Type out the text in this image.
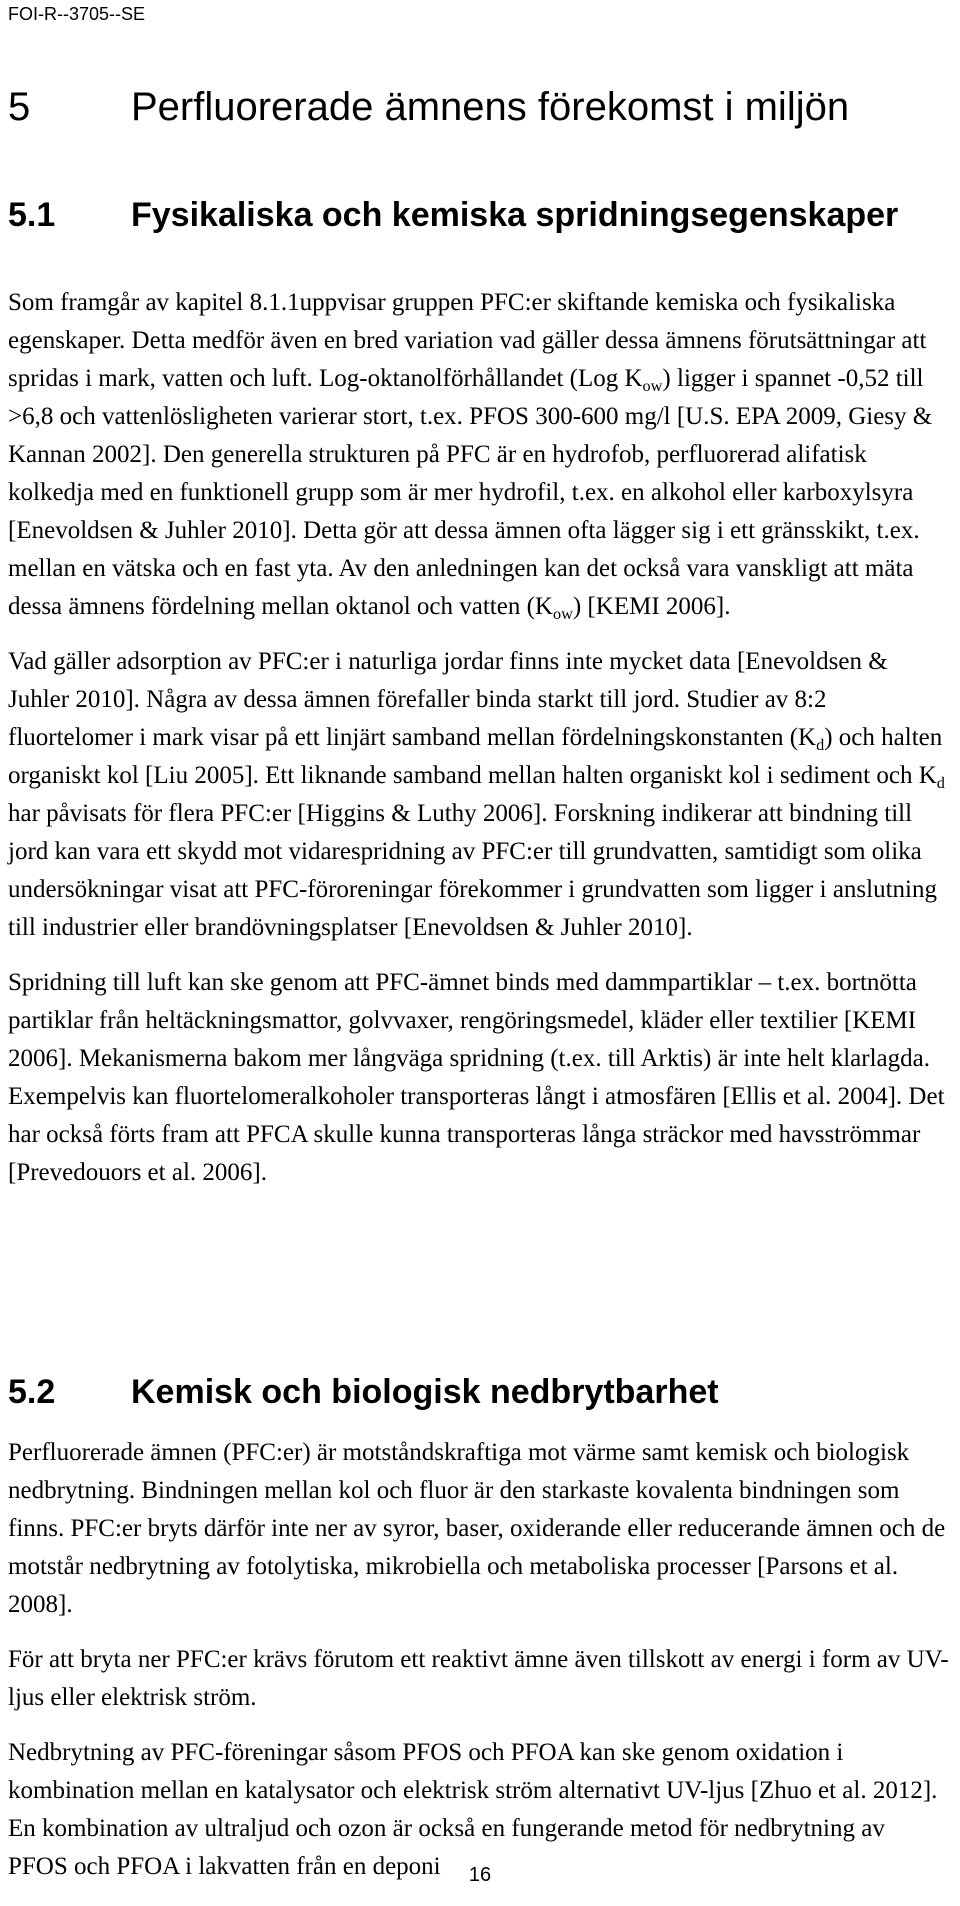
FOI-R--3705--SE
5	Perfluorerade ämnens förekomst i miljön
5.1 Fysikaliska och kemiska spridningsegenskaper

Som framgår av kapitel 8.1.1uppvisar gruppen PFC:er skiftande kemiska och fysikaliska egenskaper. Detta medför även en bred variation vad gäller dessa ämnens förutsättningar att spridas i mark, vatten och luft. Log-oktanolförhållandet (Log $K_{ow}$) ligger i spannet -0,52 till >6,8 och vattenlösligheten varierar stort, t.ex. PFOS 300-600 mg/l [U.S. EPA 2009, Giesy & Kannan 2002]. Den generella strukturen på PFC är en hydrofob, perfluorerad alifatisk kolkedja med en funktionell grupp som är mer hydrofil, t.ex. en alkohol eller karboxylsyra [Enevoldsen & Juhler 2010]. Detta gör att dessa ämnen ofta lägger sig i ett gränsskikt, t.ex. mellan en vätska och en fast yta. Av den anledningen kan det också vara vanskligt att mäta dessa ämnens fördelning mellan oktanol och vatten $(K_{ow})$ [KEMI 2006].

Vad gäller adsorption av PFC:er i naturliga jordar finns inte mycket data [Enevoldsen & Juhler 2010]. Några av dessa ämnen förefaller binda starkt till jord. Studier av 8:2 fluortelomer i mark visar på ett linjärt samband mellan fördelningskonstanten $(K_d)$ och halten organiskt kol [Liu 2005]. Ett liknande samband mellan halten organiskt kol i sediment och $K_d$ har påvisats för flera PFC:er [Higgins & Luthy 2006]. Forskning indikerar att bindning till jord kan vara ett skydd mot vidarespridning av PFC:er till grundvatten, samtidigt som olika undersökningar visat att PFC-föroreningar förekommer i grundvatten som ligger i anslutning till industrier eller brandövningsplatser [Enevoldsen & Juhler 2010].

Spridning till luft kan ske genom att PFC-ämnet binds med dammpartiklar – t.ex. bortnötta partiklar från heltäckningsmattor, golvvaxer, rengöringsmedel, kläder eller textilier [KEMI 2006]. Mekanismerna bakom mer långväga spridning (t.ex. till Arktis) är inte helt klarlagda. Exempelvis kan fluortelomeralkoholer transporteras långt i atmosfären [Ellis et al. 2004]. Det har också förts fram att PFCA skulle kunna transporteras långa sträckor med havsströmmar [Prevedouors et al. 2006].

5.2 Kemisk och biologisk nedbrytbarhet

Perfluorerade ämnen (PFC:er) är motståndskraftiga mot värme samt kemisk och biologisk nedbrytning. Bindningen mellan kol och fluor är den starkaste kovalenta bindningen som finns. PFC:er bryts därför inte ner av syror, baser, oxiderande eller reducerande ämnen och de motstår nedbrytning av fotolytiska, mikrobiella och metaboliska processer [Parsons et al. 2008].

För att bryta ner PFC:er krävs förutom ett reaktivt ämne även tillskott av energi i form av UV-ljus eller elektrisk ström.

Nedbrytning av PFC-föreningar såsom PFOS och PFOA kan ske genom oxidation i kombination mellan en katalysator och elektrisk ström alternativt UV-ljus [Zhuo et al. 2012]. En kombination av ultraljud och ozon är också en fungerande metod för nedbrytning av PFOS och PFOA i lakvatten från en deponi	16
